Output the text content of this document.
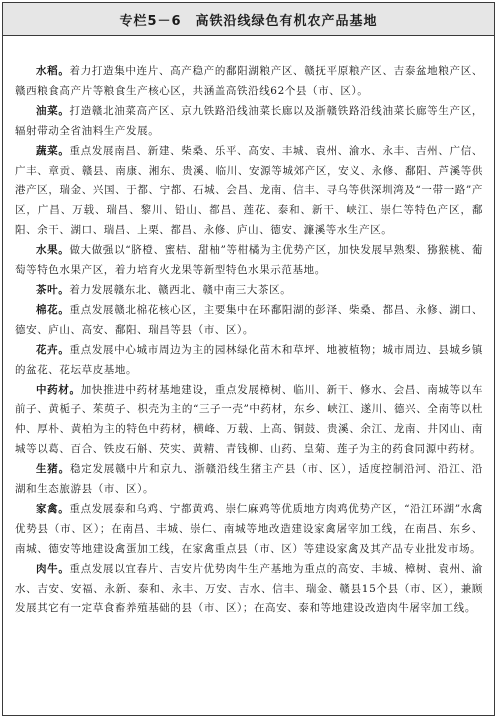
专栏5－6 高铁沿线绿色有机农产品基地

水稻。着力打造集中连片、高产稳产的鄱阳湖粮产区、赣抚平原粮产区、吉泰盆地粮产区、赣西粮食高产片等粮食生产核心区，共涵盖高铁沿线62个县（市、区）。

油菜。打造赣北油菜高产区、京九铁路沿线油菜长廊以及浙赣铁路沿线油菜长廊等生产区，辐射带动全省油料生产发展。

蔬菜。重点发展南昌、新建、柴桑、乐平、高安、丰城、袁州、渝水、永丰、吉州、广信、广丰、章贡、赣县、南康、湘东、贵溪、临川、安源等城郊产区，安义、永修、鄱阳、芦溪等供港产区，瑞金、兴国、于都、宁都、石城、会昌、龙南、信丰、寻乌等供深圳湾及“一带一路”产区，广昌、万载、瑞昌、黎川、铅山、都昌、莲花、泰和、新干、峡江、崇仁等特色产区，鄱阳、余干、湖口、瑞昌、上栗、都昌、永修、庐山、德安、濂溪等水生产区。

水果。做大做强以“脐橙、蜜桔、甜柚”等柑橘为主优势产区，加快发展早熟梨、猕猴桃、葡萄等特色水果产区，着力培育火龙果等新型特色水果示范基地。

茶叶。着力发展赣东北、赣西北、赣中南三大茶区。

棉花。重点发展赣北棉花核心区，主要集中在环鄱阳湖的彭泽、柴桑、都昌、永修、湖口、德安、庐山、高安、鄱阳、瑞昌等县（市、区）。

花卉。重点发展中心城市周边为主的园林绿化苗木和草坪、地被植物；城市周边、县城乡镇的盆花、花坛草皮基地。

中药材。加快推进中药材基地建设，重点发展樟树、临川、新干、修水、会昌、南城等以车前子、黄栀子、茱萸子、枳壳为主的“三子一壳”中药材，东乡、峡江、遂川、德兴、全南等以杜仲、厚朴、黄柏为主的特色中药材，横峰、万载、上高、铜鼓、贵溪、余江、龙南、井冈山、南城等以葛、百合、铁皮石斛、芡实、黄精、青钱柳、山药、皇菊、莲子为主的药食同源中药材。

生猪。稳定发展赣中片和京九、浙赣沿线生猪主产县（市、区），适度控制沿河、沿江、沿湖和生态旅游县（市、区）。

家禽。重点发展泰和乌鸡、宁都黄鸡、崇仁麻鸡等优质地方肉鸡优势产区，“沿江环湖”水禽优势县（市、区）；在南昌、丰城、崇仁、南城等地改造建设家禽屠宰加工线，在南昌、东乡、南城、德安等地建设禽蛋加工线，在家禽重点县（市、区）等建设家禽及其产品专业批发市场。

肉牛。重点发展以宜春片、吉安片优势肉牛生产基地为重点的高安、丰城、樟树、袁州、渝水、吉安、安福、永新、泰和、永丰、万安、吉水、信丰、瑞金、赣县15个县（市、区），兼顾发展其它有一定草食畜养殖基础的县（市、区）；在高安、泰和等地建设改造肉牛屠宰加工线。
